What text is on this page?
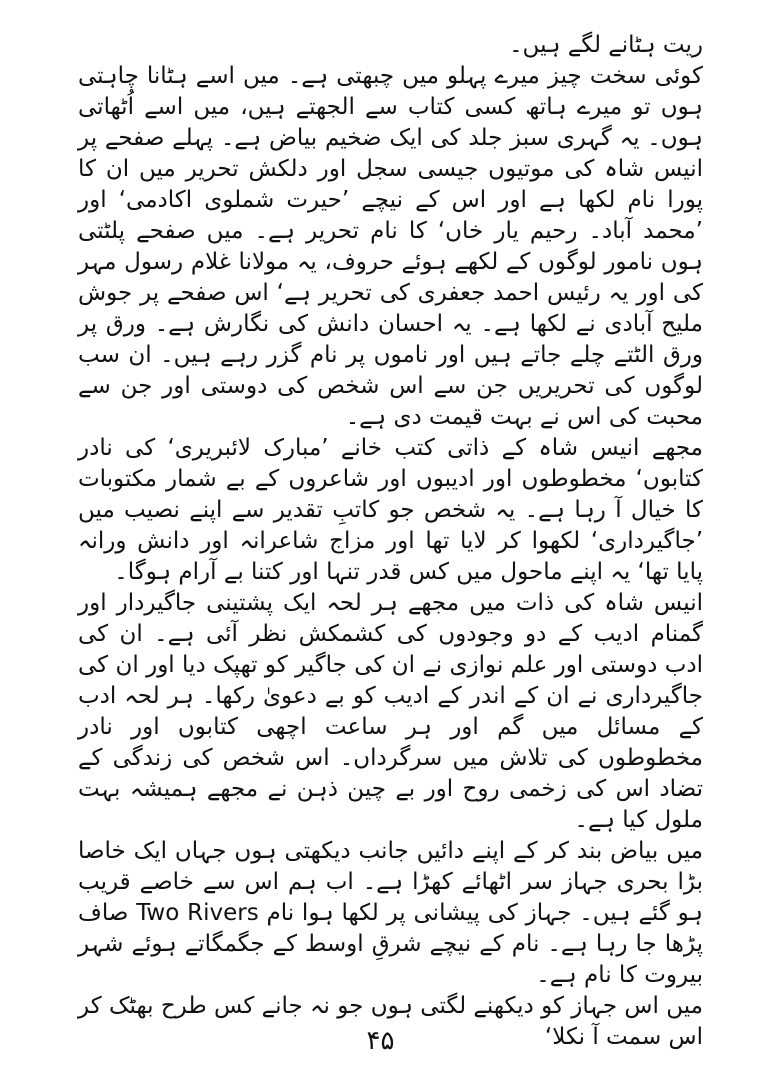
ریت ہٹانے لگے ہیں۔

کوئی سخت چیز میرے پہلو میں چبھتی ہے۔ میں اسے ہٹانا چاہتی ہوں تو میرے ہاتھ کسی کتاب سے الجھتے ہیں، میں اسے اُٹھاتی ہوں۔ یہ گہری سبز جلد کی ایک ضخیم بیاض ہے۔ پہلے صفحے پر انیس شاہ کی موتیوں جیسی سجل اور دلکش تحریر میں ان کا پورا نام لکھا ہے اور اس کے نیچے ’حیرت شملوی اکادمی‘ اور ’محمد آباد۔ رحیم یار خاں‘ کا نام تحریر ہے۔ میں صفحے پلٹتی ہوں نامور لوگوں کے لکھے ہوئے حروف، یہ مولانا غلام رسول مہر کی اور یہ رئیس احمد جعفری کی تحریر ہے‘ اس صفحے پر جوش ملیح آبادی نے لکھا ہے۔ یہ احسان دانش کی نگارش ہے۔ ورق پر ورق الٹتے چلے جاتے ہیں اور ناموں پر نام گزر رہے ہیں۔ ان سب لوگوں کی تحریریں جن سے اس شخص کی دوستی اور جن سے محبت کی اس نے بہت قیمت دی ہے۔

مجھے انیس شاہ کے ذاتی کتب خانے ’مبارک لائبریری‘ کی نادر کتابوں‘ مخطوطوں اور ادیبوں اور شاعروں کے بے شمار مکتوبات کا خیال آ رہا ہے۔ یہ شخص جو کاتبِ تقدیر سے اپنے نصیب میں ’جاگیرداری‘ لکھوا کر لایا تھا اور مزاج شاعرانہ اور دانش ورانہ پایا تھا‘ یہ اپنے ماحول میں کس قدر تنہا اور کتنا بے آرام ہوگا۔

انیس شاہ کی ذات میں مجھے ہر لحہ ایک پشتینی جاگیردار اور گمنام ادیب کے دو وجودوں کی کشمکش نظر آئی ہے۔ ان کی ادب دوستی اور علم نوازی نے ان کی جاگیر کو تھپک دیا اور ان کی جاگیرداری نے ان کے اندر کے ادیب کو بے دعویٰ رکھا۔ ہر لحہ ادب کے مسائل میں گم اور ہر ساعت اچھی کتابوں اور نادر مخطوطوں کی تلاش میں سرگرداں۔ اس شخص کی زندگی کے تضاد اس کی زخمی روح اور بے چین ذہن نے مجھے ہمیشہ بہت ملول کیا ہے۔

میں بیاض بند کر کے اپنے دائیں جانب دیکھتی ہوں جہاں ایک خاصا بڑا بحری جہاز سر اٹھائے کھڑا ہے۔ اب ہم اس سے خاصے قریب ہو گئے ہیں۔ جہاز کی پیشانی پر لکھا ہوا نام Two Rivers صاف پڑھا جا رہا ہے۔ نام کے نیچے شرقِ اوسط کے جگمگاتے ہوئے شہر بیروت کا نام ہے۔

میں اس جہاز کو دیکھنے لگتی ہوں جو نہ جانے کس طرح بھٹک کر اس سمت آ نکلا‘

۴۵
